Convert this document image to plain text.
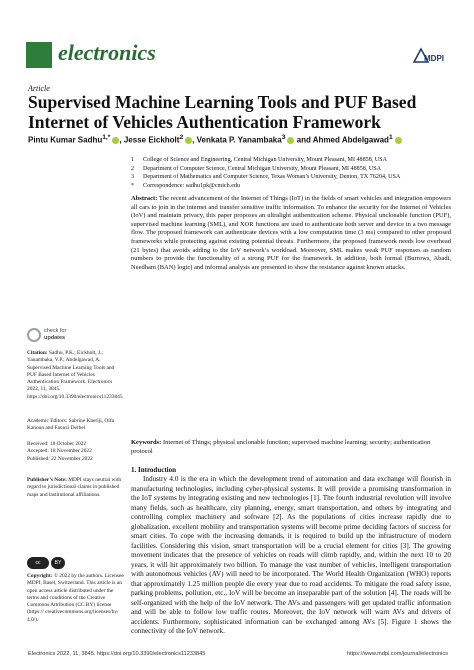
electronics	MDPI
Article
Supervised Machine Learning Tools and PUF Based Internet of Vehicles Authentication Framework
Pintu Kumar Sadhu$^{1,*}$ , Jesse Eickholt$^2$ , Venkata P. Yanambaka$^3$ and Ahmed Abdelgawad$^1$
1 College of Science and Engineering, Central Michigan University, Mount Pleasant, MI 48858, USA
2 Department of Computer Science, Central Michigan University, Mount Pleasant, MI 48858, USA
3 Department of Mathematics and Computer Science, Texas Woman’s University, Denton, TX 76204, USA
* Correspondence: sadhu1pk@cmich.edu
Abstract: The recent advancement of the Internet of Things (IoT) in the fields of smart vehicles and integration empowers all cars to join in the internet and transfer sensitive traffic information. To enhance the security for the Internet of Vehicles (IoV) and maintain privacy, this paper proposes an ultralight authentication scheme. Physical unclonable function (PUF), supervised machine learning (SML), and XOR functions are used to authenticate both server and device in a two message flow. The proposed framework can authenticate devices with a low computation time (3 ms) compared to other proposed frameworks while protecting against existing potential threats. Furthermore, the proposed framework needs low overhead (21 bytes) that avoids adding to the IoV network’s workload. Moreover, SML makes weak PUF responses as random numbers to provide the functionality of a strong PUF for the framework. In addition, both formal (Burrows, Abadi, Needham (BAN) logic) and informal analysis are presented to show the resistance against known attacks.
Keywords: Internet of Things; physical unclonable function; supervised machine learning; security; authentication protocol
check for
updates
Citation: Sadhu, P.K.; Eickholt, J.; Yanambaka, V.P.; Abdelgawad, A. Supervised Machine Learning Tools and PUF Based Internet of Vehicles Authentication Framework. Electronics 2022, 11, 3845. https://doi.org/10.3390/electronics11233845
Academic Editors: Sabrine Kheriji, Olfa Kanoun and Faouzi Derbel
Received: 18 October 2022
Accepted: 18 November 2022
Published: 22 November 2022
Publisher’s Note: MDPI stays neutral with regard to jurisdictional claims in published maps and institutional affiliations.
cc	BY
Copyright: © 2022 by the authors. Licensee MDPI, Basel, Switzerland. This article is an open access article distributed under the terms and conditions of the Creative Commons Attribution (CC BY) license (https:// creativecommons.org/licenses/by/ 4.0/).
1. Introduction

Industry 4.0 is the era in which the development trend of automation and data exchange will flourish in manufacturing technologies, including cyber-physical systems. It will provide a promising transformation in the IoT systems by integrating existing and new technologies [1]. The fourth industrial revolution will involve many fields, such as healthcare, city planning, energy, smart transportation, and others by integrating and controlling complex machinery and software [2]. As the populations of cities increase rapidly due to globalization, excellent mobility and transportation systems will become prime deciding factors of success for smart cities. To cope with the increasing demands, it is required to build up the infrastructure of modern facilities. Considering this vision, smart transportation will be a crucial element for cities [3]. The growing movement indicates that the presence of vehicles on roads will climb rapidly, and, within the next 10 to 20 years, it will hit approximately two billion. To manage the vast number of vehicles, intelligent transportation with autonomous vehicles (AV) will need to be incorporated. The World Health Organization (WHO) reports that approximately 1.25 million people die every year due to road accidents. To mitigate the road safety issue, parking problems, pollution, etc., IoV will be become an inseparable part of the solution [4]. The roads will be self-organized with the help of the IoV network. The AVs and passengers will get updated traffic information and will be able to follow low traffic routes. Moreover, the IoV network will warn AVs and drivers of accidents. Furthermore, sophisticated information can be exchanged among AVs [5]. Figure 1 shows the connectivity of the IoV network.

Electronics 2022, 11, 3845. https://doi.org/10.3390/electronics11233845	https://www.mdpi.com/journal/electronics
